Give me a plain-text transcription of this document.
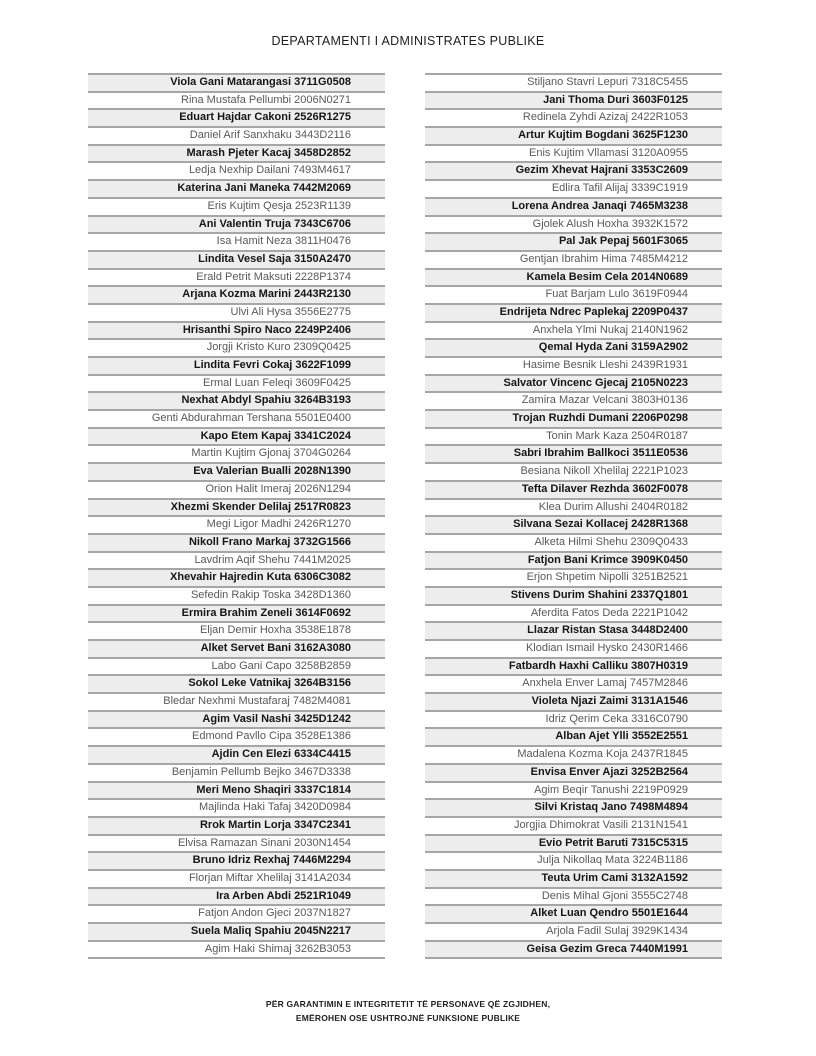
DEPARTAMENTI I ADMINISTRATES PUBLIKE
Viola Gani Matarangasi 3711G0508
Rina Mustafa Pellumbi 2006N0271
Eduart Hajdar Cakoni 2526R1275
Daniel Arif Sanxhaku 3443D2116
Marash Pjeter Kacaj 3458D2852
Ledja Nexhip Dailani 7493M4617
Katerina Jani Maneka 7442M2069
Eris Kujtim Qesja 2523R1139
Ani Valentin Truja 7343C6706
Isa Hamit Neza 3811H0476
Lindita Vesel Saja 3150A2470
Erald Petrit Maksuti 2228P1374
Arjana Kozma Marini 2443R2130
Ulvi Ali Hysa 3556E2775
Hrisanthi Spiro Naco 2249P2406
Jorgji Kristo Kuro 2309Q0425
Lindita Fevri Cokaj 3622F1099
Ermal Luan Feleqi 3609F0425
Nexhat Abdyl Spahiu 3264B3193
Genti Abdurahman Tershana 5501E0400
Kapo Etem Kapaj 3341C2024
Martin Kujtim Gjonaj 3704G0264
Eva Valerian Bualli 2028N1390
Orion Halit Imeraj 2026N1294
Xhezmi Skender Delilaj 2517R0823
Megi Ligor Madhi 2426R1270
Nikoll Frano Markaj 3732G1566
Lavdrim Aqif Shehu 7441M2025
Xhevahir Hajredin Kuta 6306C3082
Sefedin Rakip Toska 3428D1360
Ermira Brahim Zeneli 3614F0692
Eljan Demir Hoxha 3538E1878
Alket Servet Bani 3162A3080
Labo Gani Capo 3258B2859
Sokol Leke Vatnikaj 3264B3156
Bledar Nexhmi Mustafaraj 7482M4081
Agim Vasil Nashi 3425D1242
Edmond Pavllo Cipa 3528E1386
Ajdin Cen Elezi 6334C4415
Benjamin Pellumb Bejko 3467D3338
Meri Meno Shaqiri 3337C1814
Majlinda Haki Tafaj 3420D0984
Rrok Martin Lorja 3347C2341
Elvisa Ramazan Sinani 2030N1454
Bruno Idriz Rexhaj 7446M2294
Florjan Miftar Xhelilaj 3141A2034
Ira Arben Abdi 2521R1049
Fatjon Andon Gjeci 2037N1827
Suela Maliq Spahiu 2045N2217
Agim Haki Shimaj 3262B3053
Stiljano Stavri Lepuri 7318C5455
Jani Thoma Duri 3603F0125
Redinela Zyhdi Azizaj 2422R1053
Artur Kujtim Bogdani 3625F1230
Enis Kujtim Vllamasi 3120A0955
Gezim Xhevat Hajrani 3353C2609
Edlira Tafil Alijaj 3339C1919
Lorena Andrea Janaqi 7465M3238
Gjolek Alush Hoxha 3932K1572
Pal Jak Pepaj 5601F3065
Gentjan Ibrahim Hima 7485M4212
Kamela Besim Cela 2014N0689
Fuat Barjam Lulo 3619F0944
Endrijeta Ndrec Paplekaj 2209P0437
Anxhela Ylmi Nukaj 2140N1962
Qemal Hyda Zani 3159A2902
Hasime Besnik Lleshi 2439R1931
Salvator Vincenc Gjecaj 2105N0223
Zamira Mazar Velcani 3803H0136
Trojan Ruzhdi Dumani 2206P0298
Tonin Mark Kaza 2504R0187
Sabri Ibrahim Ballkoci 3511E0536
Besiana Nikoll Xhelilaj 2221P1023
Tefta Dilaver Rezhda 3602F0078
Klea Durim Allushi 2404R0182
Silvana Sezai Kollacej 2428R1368
Alketa Hilmi Shehu 2309Q0433
Fatjon Bani Krimce 3909K0450
Erjon Shpetim Nipolli 3251B2521
Stivens Durim Shahini 2337Q1801
Aferdita Fatos Deda 2221P1042
Llazar Ristan Stasa 3448D2400
Klodian Ismail Hysko 2430R1466
Fatbardh Haxhi Calliku 3807H0319
Anxhela Enver Lamaj 7457M2846
Violeta Njazi Zaimi 3131A1546
Idriz Qerim Ceka 3316C0790
Alban Ajet Ylli 3552E2551
Madalena Kozma Koja 2437R1845
Envisa Enver Ajazi 3252B2564
Agim Beqir Tanushi 2219P0929
Silvi Kristaq Jano 7498M4894
Jorgjia Dhimokrat Vasili 2131N1541
Evio Petrit Baruti 7315C5315
Julja Nikollaq Mata 3224B1186
Teuta Urim Cami 3132A1592
Denis Mihal Gjoni 3555C2748
Alket Luan Qendro 5501E1644
Arjola Fadil Sulaj 3929K1434
Geisa Gezim Greca 7440M1991
PËR GARANTIMIN E INTEGRITETIT TË PERSONAVE QË ZGJIDHEN,
EMËROHEN OSE USHTROJNË FUNKSIONE PUBLIKE
